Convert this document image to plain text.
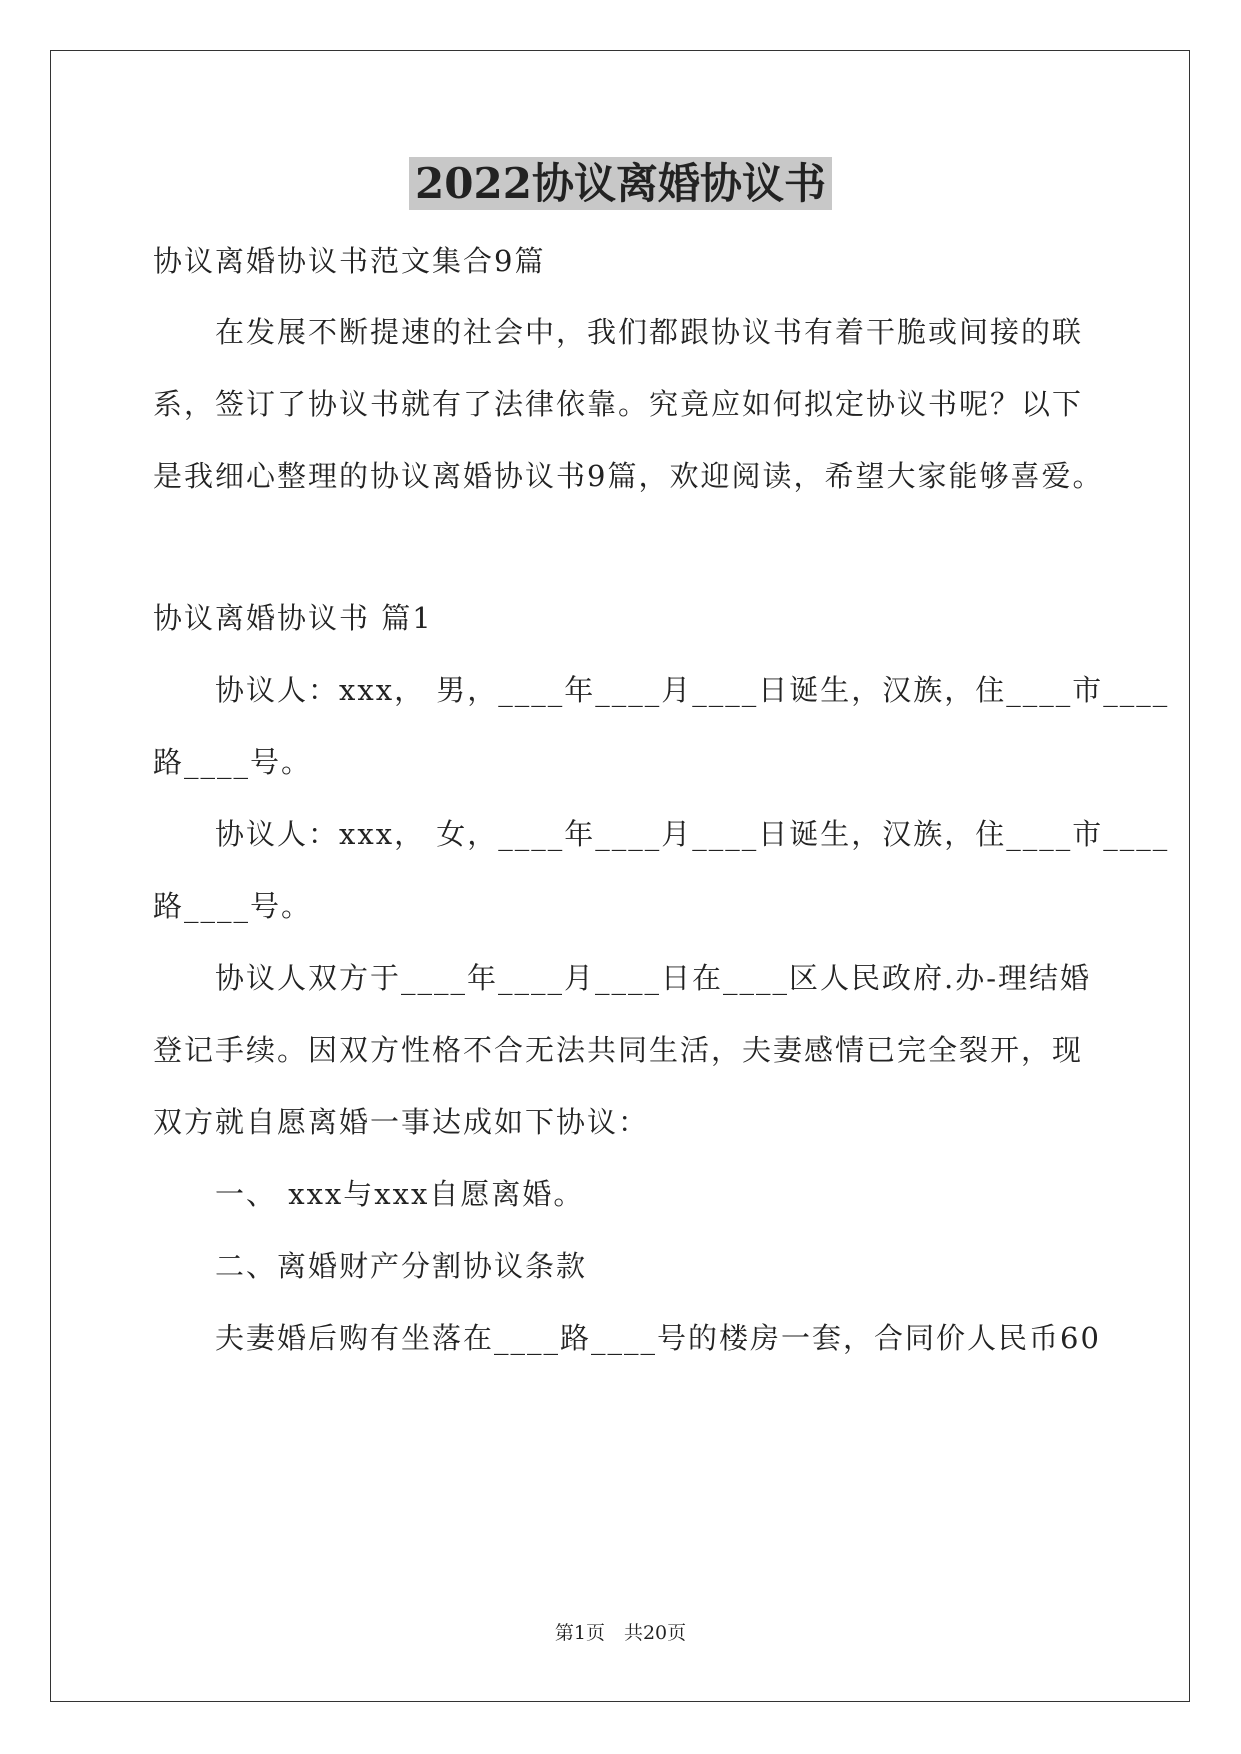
2022协议离婚协议书
协议离婚协议书范文集合9篇
在发展不断提速的社会中，我们都跟协议书有着干脆或间接的联
系，签订了协议书就有了法律依靠。究竟应如何拟定协议书呢？以下
是我细心整理的协议离婚协议书9篇，欢迎阅读，希望大家能够喜爱。
协议离婚协议书 篇1
协议人：xxx， 男，____年____月____日诞生，汉族，住____市____
路____号。
协议人：xxx， 女，____年____月____日诞生，汉族，住____市____
路____号。
协议人双方于____年____月____日在____区人民政府.办-理结婚
登记手续。因双方性格不合无法共同生活，夫妻感情已完全裂开，现
双方就自愿离婚一事达成如下协议：
一、 xxx与xxx自愿离婚。
二、离婚财产分割协议条款
夫妻婚后购有坐落在____路____号的楼房一套，合同价人民币60
第1页　共20页
